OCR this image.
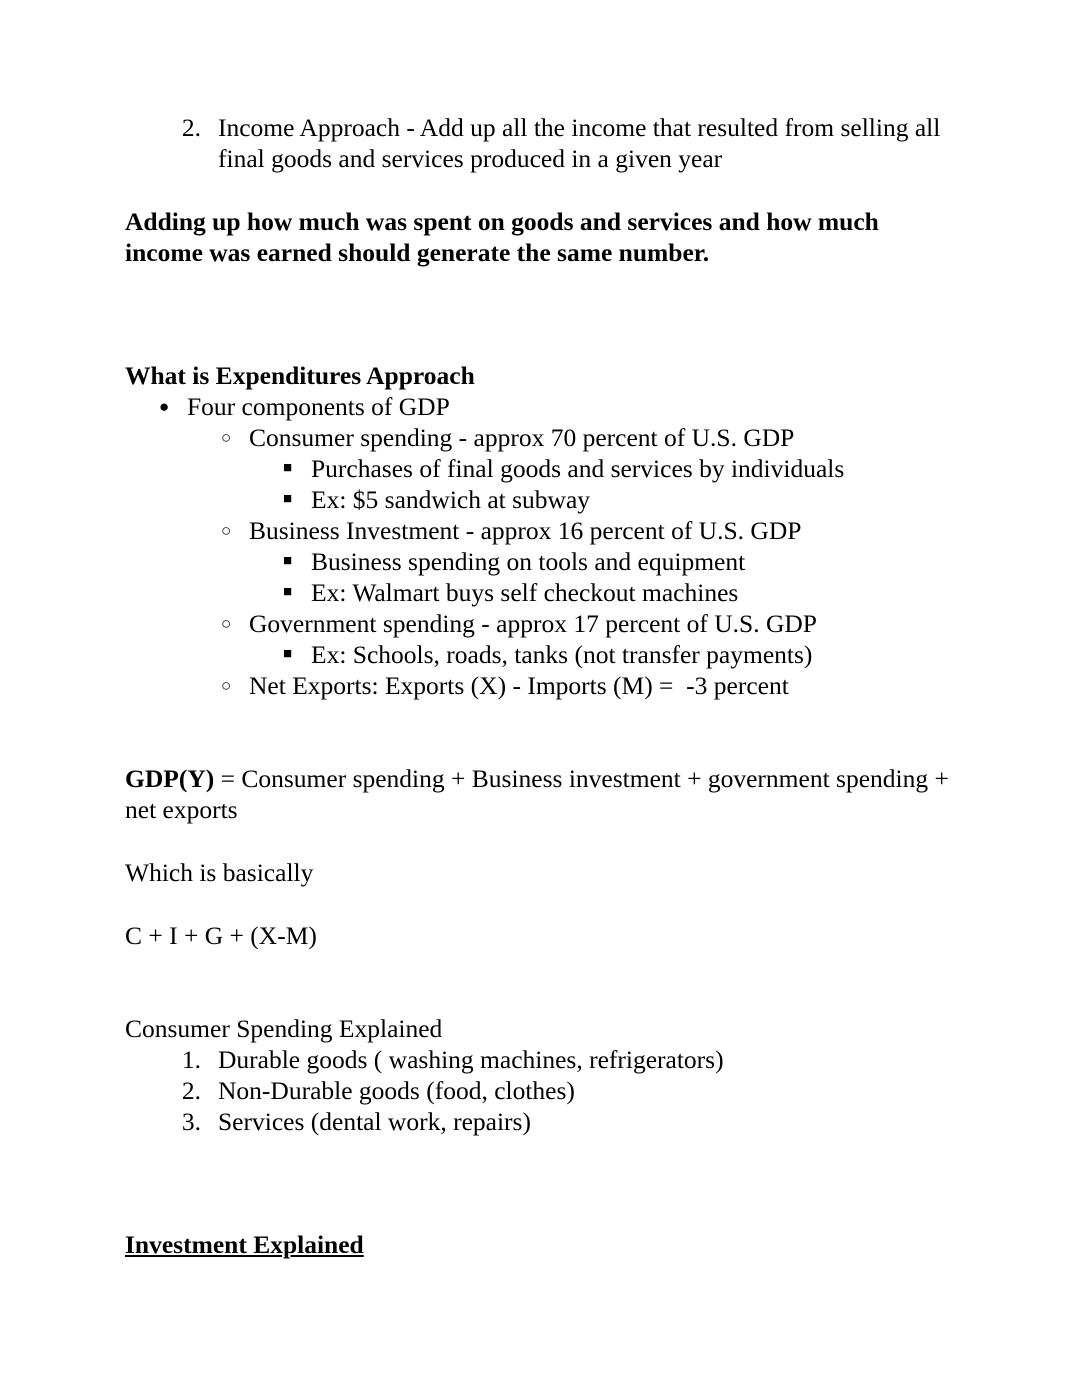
2. Income Approach - Add up all the income that resulted from selling all final goods and services produced in a given year

Adding up how much was spent on goods and services and how much income was earned should generate the same number.

What is Expenditures Approach

● Four components of GDP
○ Consumer spending - approx 70 percent of U.S. GDP
■ Purchases of final goods and services by individuals
■ Ex: $5 sandwich at subway
○ Business Investment - approx 16 percent of U.S. GDP
■ Business spending on tools and equipment
■ Ex: Walmart buys self checkout machines
○ Government spending - approx 17 percent of U.S. GDP
■ Ex: Schools, roads, tanks (not transfer payments)
○ Net Exports: Exports (X) - Imports (M) =  -3 percent

GDP(Y) = Consumer spending + Business investment + government spending + net exports

Which is basically

C + I + G + (X-M)

Consumer Spending Explained

1. Durable goods ( washing machines, refrigerators)
2. Non-Durable goods (food, clothes)
3. Services (dental work, repairs)

Investment Explained
